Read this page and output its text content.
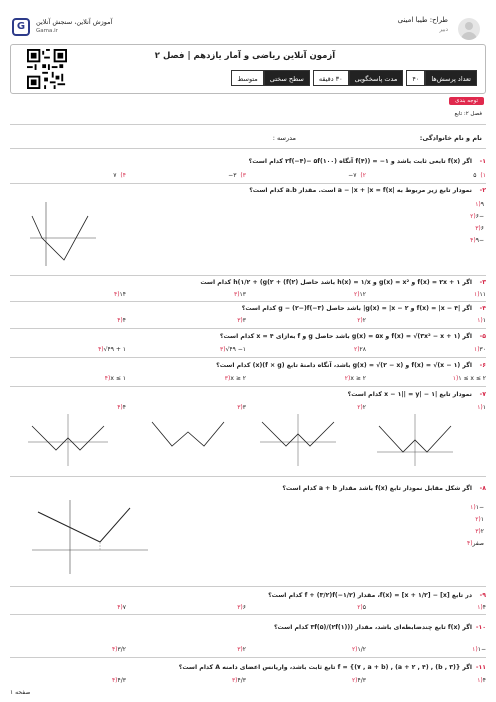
طراح: طیبا امینی
دبیر
G	آموزش آنلاین، سنجش آنلاین
Gama.ir
آزمون آنلاین ریاضی و آمار یازدهم | فصل ۲
تعداد پرسش‌ها
۴۰
مدت پاسخگویی
۳۰ دقیقه
سطح سختی
متوسط
توجه بندی
فصل ۲: تابع
نام و نام خانوادگی:
مدرسه :
۱-
اگر f(x) تابعی ثابت باشد و ۱− = (f(۴) آنگاه (۲f(−۴)− ۵f(۱۰۰ کدام است؟
۱)۵
۲)۷−
۳)۳−
۴)۷
۲-
نمودار تابع زیر مربوط به |a − |x + |x = f(x است. مقدار a.b کدام است؟
۱)۹
۲)۶−
۳)۶
۴)۹−
۳-
اگر ۱ + f(x) = ۲x و g(x) = x² و h(x) = ۱/x باشد حاصل (h(۱/۲ + (g(۲ + (f(۲ کدام است
۱)۱۱
۲)۱۲
۳)۱۳
۴)۱۴
۴-
اگر |f(x) = |x − ۴ و g(x) = |x − ۲| باشد حاصل (۳−)g − (۲−)f کدام است؟
۱)۱
۲)۲
۳)۳
۴)۴
۵-
اگر f(x) = √(۳x² − x + ۱) و g(x) = ۵x باشد حاصل g و f به‌ازای ۴ = x کدام است؟
۱)۳۰
۲)۲۸
۳)√۴۹ −۱
۴)√۴۹ + ۱
۶-
اگر f(x) = √(x − ۱) و g(x) = √(۲ − x) باشد، آنگاه دامنهٔ تابع (f × g)(x) کدام است؟
۱)۱ ≤ x ≤ ۲
۲)x ≥ ۲
۳)x ≥ ۲
۴)x ≤ ۱
۷-
نمودار تابع |۱ − |x − ۱|| = y کدام است؟
۱)۱
۲)۲
۳)۳
۴)۴
۸-
اگر شکل مقابل نمودار تابع f(x) باشد مقدار a + b کدام است؟
۱)۱−
۲)۱
۳)۲
۴)صفر
۹-
در تابع [x] − [x + ۱/۲] = f(x)، مقدار (۱/۲−)f + (۳/۲)f کدام است؟
۱)۴
۲)۵
۳)۶
۴)۷
۱۰-
اگر f(x) تابع چندضابطه‌ای باشد، مقدار (۳f(۵)/(۲f(۱)) کدام است؟
۱)۱−
۲)۱/۲
۳)۲
۴)۳/۲
۱۱-
اگر {(۳ , b) , (a + ۲ , ۴) , (۷ , a + b)} = f تابع ثابت باشد، واریانس اعضای دامنه A کدام است؟
۱)۴
۲)۴/۳
۳)۴/۳
۴)۴/۳
صفحه ۱
